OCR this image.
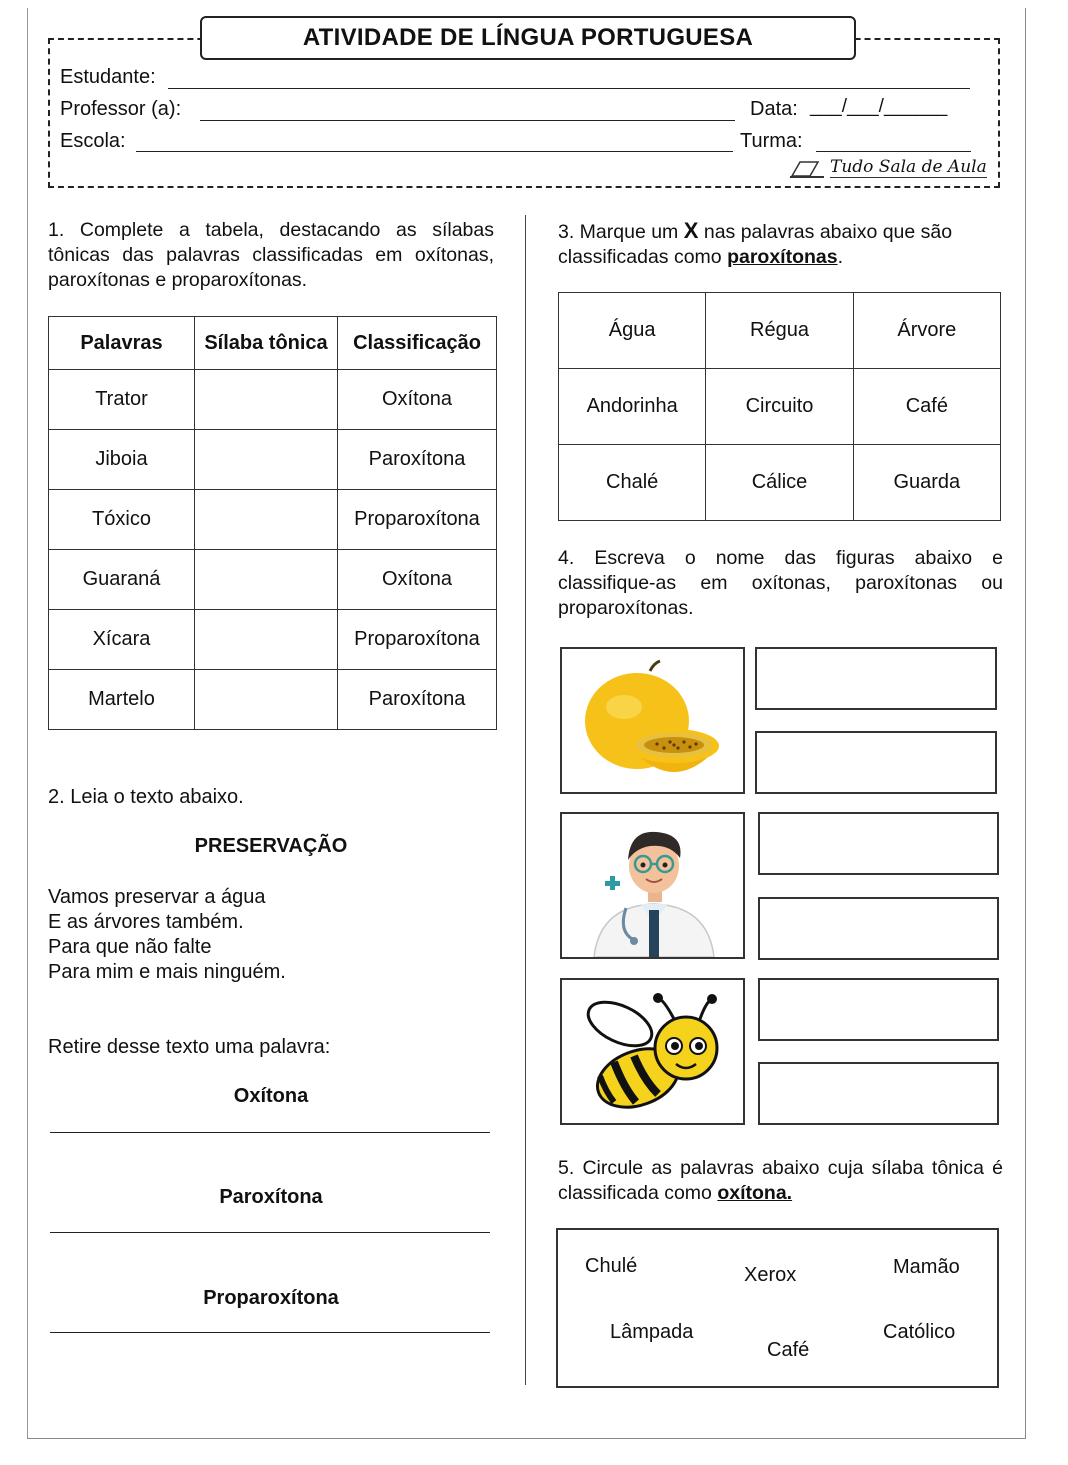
ATIVIDADE DE LÍNGUA PORTUGUESA
Estudante:
Professor (a):	Data: ___/___/______
Escola:	Turma:
Tudo Sala de Aula
1. Complete a tabela, destacando as sílabas tônicas das palavras classificadas em oxítonas, paroxítonas e proparoxítonas.
Palavras	Sílaba tônica	Classificação
Trator		Oxítona
Jiboia		Paroxítona
Tóxico		Proparoxítona
Guaraná		Oxítona
Xícara		Proparoxítona
Martelo		Paroxítona
2. Leia o texto abaixo.
PRESERVAÇÃO
Vamos preservar a água
E as árvores também.
Para que não falte
Para mim e mais ninguém.
Retire desse texto uma palavra:
Oxítona
Paroxítona
Proparoxítona
3. Marque um X nas palavras abaixo que são classificadas como paroxítonas.
Água	Régua	Árvore
Andorinha	Circuito	Café
Chalé	Cálice	Guarda
4. Escreva o nome das figuras abaixo e classifique-as em oxítonas, paroxítonas ou proparoxítonas.
5. Circule as palavras abaixo cuja sílaba tônica é classificada como oxítona.
Chulé	Xerox	Mamão
Lâmpada
Café
Católico
